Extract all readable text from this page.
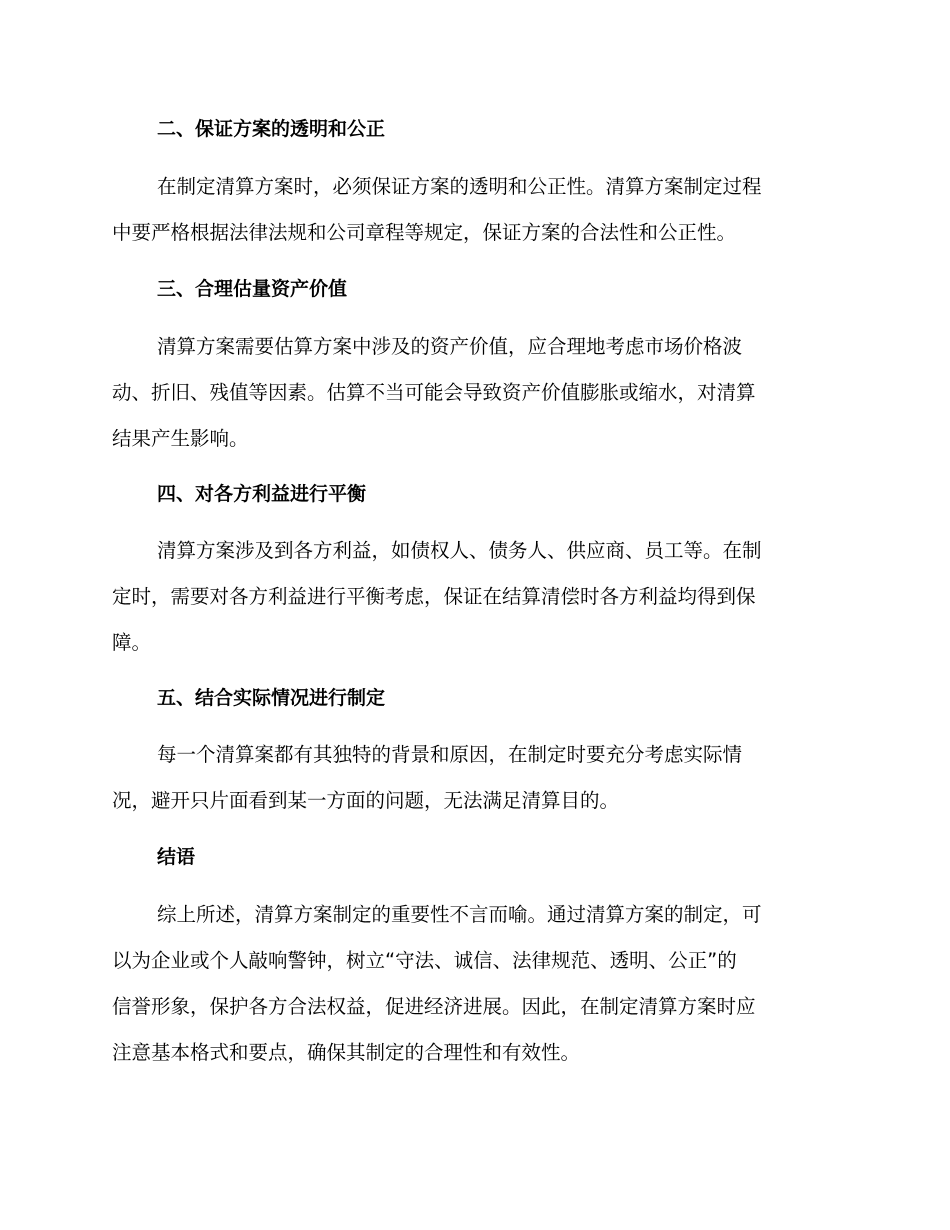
二、保证方案的透明和公正
在制定清算方案时，必须保证方案的透明和公正性。清算方案制定过程
中要严格根据法律法规和公司章程等规定，保证方案的合法性和公正性。
三、合理估量资产价值
清算方案需要估算方案中涉及的资产价值，应合理地考虑市场价格波
动、折旧、残值等因素。估算不当可能会导致资产价值膨胀或缩水，对清算
结果产生影响。
四、对各方利益进行平衡
清算方案涉及到各方利益，如债权人、债务人、供应商、员工等。在制
定时，需要对各方利益进行平衡考虑，保证在结算清偿时各方利益均得到保
障。
五、结合实际情况进行制定
每一个清算案都有其独特的背景和原因，在制定时要充分考虑实际情
况，避开只片面看到某一方面的问题，无法满足清算目的。
结语
综上所述，清算方案制定的重要性不言而喻。通过清算方案的制定，可
以为企业或个人敲响警钟，树立“守法、诚信、法律规范、透明、公正”的
信誉形象，保护各方合法权益，促进经济进展。因此，在制定清算方案时应
注意基本格式和要点，确保其制定的合理性和有效性。
